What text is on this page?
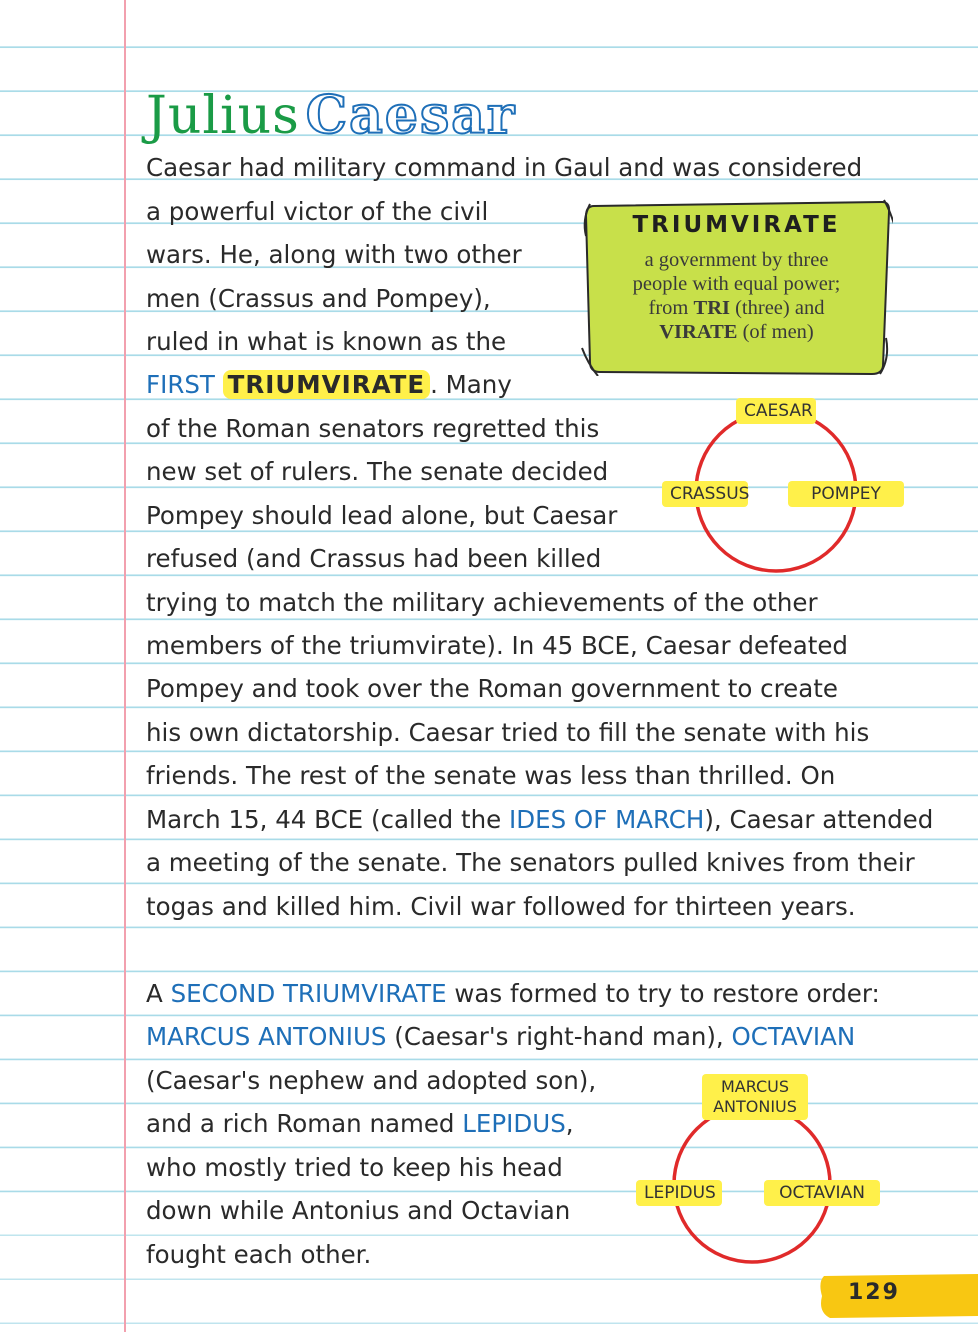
Julius Caesar
Caesar had military command in Gaul and was considered
a powerful victor of the civil
wars. He, along with two other
men (Crassus and Pompey),
ruled in what is known as the
FIRST TRIUMVIRATE . Many
of the Roman senators regretted this
new set of rulers. The senate decided
Pompey should lead alone, but Caesar
refused (and Crassus had been killed
trying to match the military achievements of the other
members of the triumvirate). In 45 BCE, Caesar defeated
Pompey and took over the Roman government to create
his own dictatorship. Caesar tried to fill the senate with his
friends. The rest of the senate was less than thrilled. On
March 15, 44 BCE (called the IDES OF MARCH), Caesar attended
a meeting of the senate. The senators pulled knives from their
togas and killed him. Civil war followed for thirteen years.
TRIUMVIRATE
a government by three
people with equal power;
from TRI (three) and
VIRATE (of men)
CAESAR
CRASSUS	POMPEY
A SECOND TRIUMVIRATE was formed to try to restore order:
MARCUS ANTONIUS (Caesar's right-hand man), OCTAVIAN
(Caesar's nephew and adopted son),
and a rich Roman named LEPIDUS,
who mostly tried to keep his head
down while Antonius and Octavian
fought each other.
MARCUS
ANTONIUS
LEPIDUS	OCTAVIAN
129
